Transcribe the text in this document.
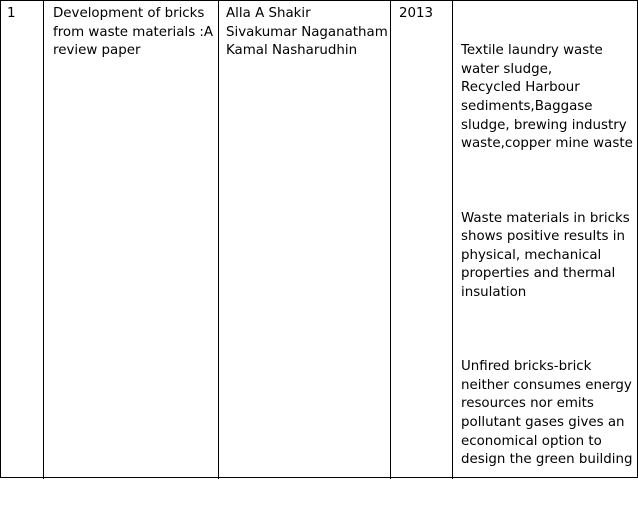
1	Development of bricks
from waste materials :A
review paper
Alla A Shakir
Sivakumar Naganatham
Kamal Nasharudhin
2013

Textile laundry waste
water sludge,
Recycled Harbour
sediments,Baggase
sludge, brewing industry
waste,copper mine waste

Waste materials in bricks
shows positive results in
physical, mechanical
properties and thermal
insulation

Unfired bricks-brick
neither consumes energy
resources nor emits
pollutant gases gives an
economical option to
design the green building
